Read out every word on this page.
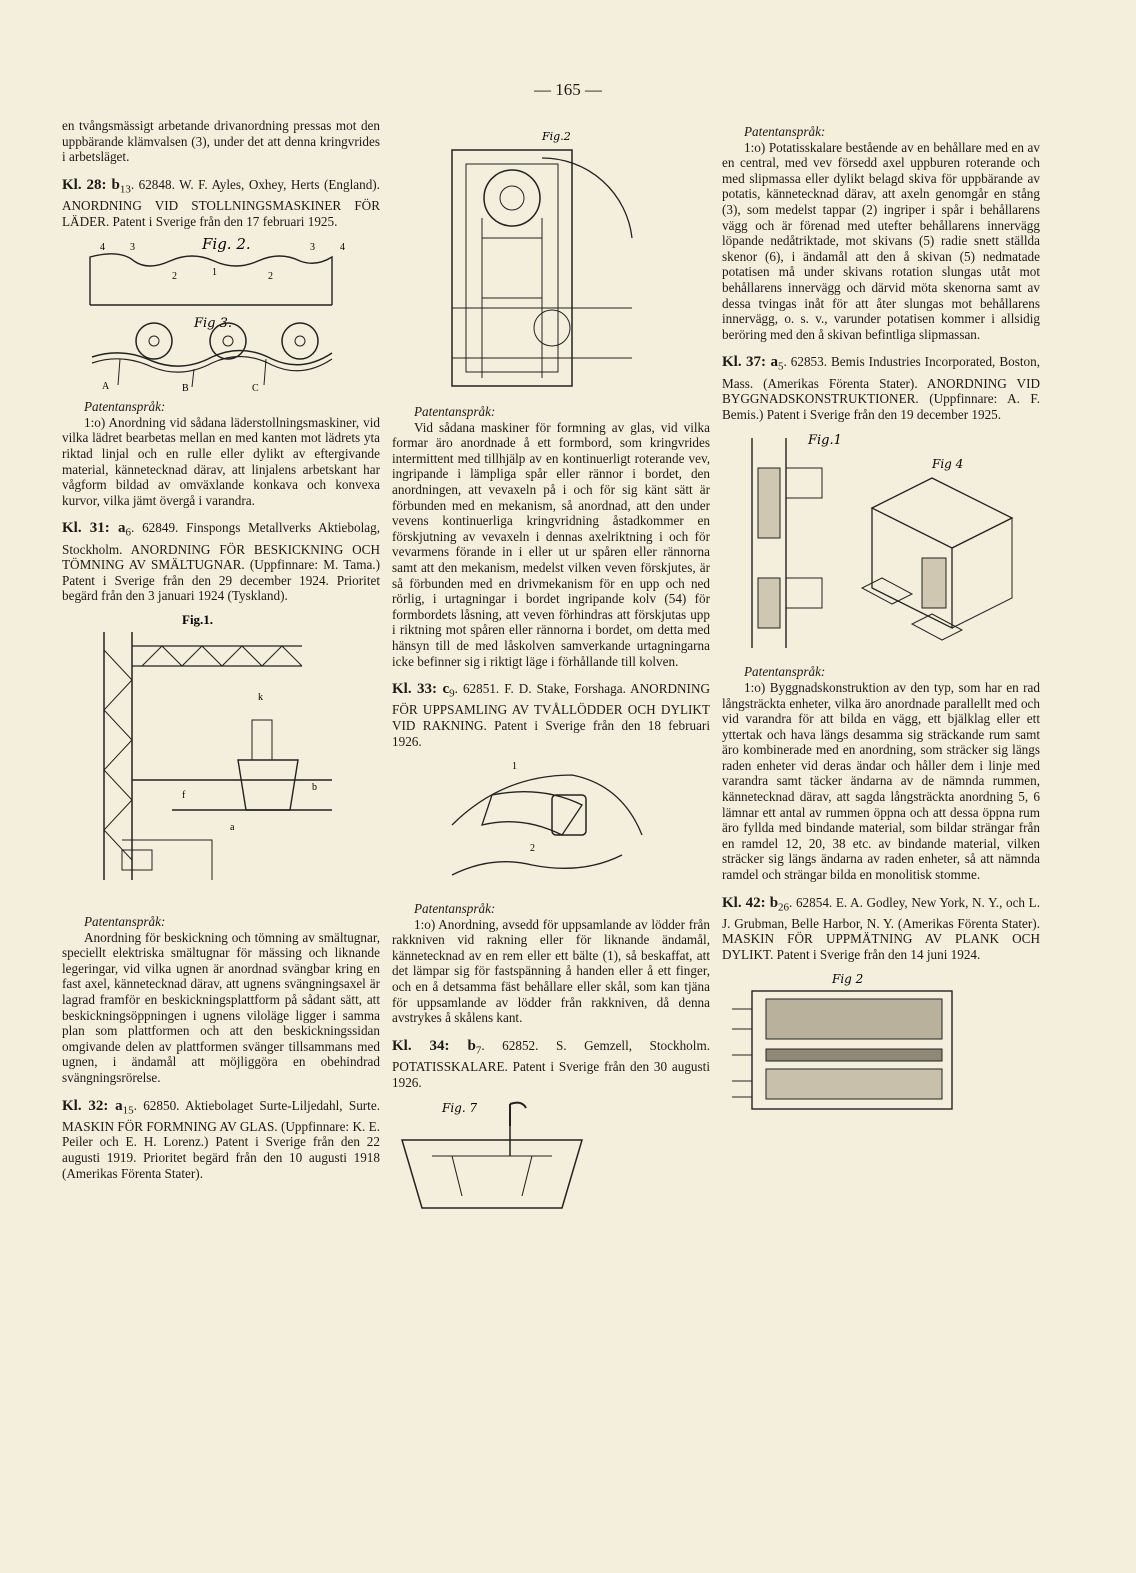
— 165 —

en tvångsmässigt arbetande drivanordning pressas mot den uppbärande klämvalsen (3), under det att denna kringvrides i arbetsläget.

Kl. 28: $b_{13}$. 62848. W. F. Ayles, Oxhey, Herts (England). ANORDNING VID STOLLNINGSMASKINER FÖR LÄDER. Patent i Sverige från den 17 februari 1925.

Fig. 2.
4	3	3	4
2	1	2
Fig.3.
A	B	C

Patentanspråk:

1:o) Anordning vid sådana läderstollningsmaskiner, vid vilka lädret bearbetas mellan en med kanten mot lädrets yta riktad linjal och en rulle eller dylikt av eftergivande material, kännetecknad därav, att linjalens arbetskant har vågform bildad av omväxlande konkava och konvexa kurvor, vilka jämt övergå i varandra.

Kl. 31: $a_6$. 62849. Finspongs Metallverks Aktiebolag, Stockholm. ANORDNING FÖR BESKICKNING OCH TÖMNING AV SMÄLTUGNAR. (Uppfinnare: M. Tama.) Patent i Sverige från den 29 december 1924. Prioritet begärd från den 3 januari 1924 (Tyskland).

Fig.1.
k
b
a
f

Patentanspråk:

Anordning för beskickning och tömning av smältugnar, speciellt elektriska smältugnar för mässing och liknande legeringar, vid vilka ugnen är anordnad svängbar kring en fast axel, kännetecknad därav, att ugnens svängningsaxel är lagrad framför en beskickningsplattform på sådant sätt, att beskickningsöppningen i ugnens viloläge ligger i samma plan som plattformen och att den beskickningssidan omgivande delen av plattformen svänger tillsammans med ugnen, i ändamål att möjliggöra en obehindrad svängningsrörelse.

Kl. 32: $a_{15}$. 62850. Aktiebolaget Surte-Liljedahl, Surte. MASKIN FÖR FORMNING AV GLAS. (Uppfinnare: K. E. Peiler och E. H. Lorenz.) Patent i Sverige från den 22 augusti 1919. Prioritet begärd från den 10 augusti 1918 (Amerikas Förenta Stater).

Fig.2

Patentanspråk:

Vid sådana maskiner för formning av glas, vid vilka formar äro anordnade å ett formbord, som kringvrides intermittent med tillhjälp av en kontinuerligt roterande vev, ingripande i lämpliga spår eller rännor i bordet, den anordningen, att vevaxeln på i och för sig känt sätt är förbunden med en mekanism, så anordnad, att den under vevens kontinuerliga kringvridning åstadkommer en förskjutning av vevaxeln i dennas axelriktning i och för vevarmens förande in i eller ut ur spåren eller rännorna samt att den mekanism, medelst vilken veven förskjutes, är så förbunden med en drivmekanism för en upp och ned rörlig, i urtagningar i bordet ingripande kolv (54) för formbordets låsning, att veven förhindras att förskjutas upp i riktning mot spåren eller rännorna i bordet, om detta med hänsyn till de med låskolven samverkande urtagningarna icke befinner sig i riktigt läge i förhållande till kolven.

Kl. 33: $c_9$. 62851. F. D. Stake, Forshaga. ANORDNING FÖR UPPSAMLING AV TVÅLLÖDDER OCH DYLIKT VID RAKNING. Patent i Sverige från den 18 februari 1926.

1
2

Patentanspråk:

1:o) Anordning, avsedd för uppsamlande av lödder från rakkniven vid rakning eller för liknande ändamål, kännetecknad av en rem eller ett bälte (1), så beskaffat, att det lämpar sig för fastspänning å handen eller å ett finger, och en å detsamma fäst behållare eller skål, som kan tjäna för uppsamlande av lödder från rakkniven, då denna avstrykes å skålens kant.

Kl. 34: $b_7$. 62852. S. Gemzell, Stockholm. POTATISSKALARE. Patent i Sverige från den 30 augusti 1926.

Fig. 7

Patentanspråk:

1:o) Potatisskalare bestående av en behållare med en av en central, med vev försedd axel uppburen roterande och med slipmassa eller dylikt belagd skiva för uppbärande av potatis, kännetecknad därav, att axeln genomgår en stång (3), som medelst tappar (2) ingriper i spår i behållarens vägg och är förenad med utefter behållarens innervägg löpande nedåtriktade, mot skivans (5) radie snett ställda skenor (6), i ändamål att den å skivan (5) nedmatade potatisen må under skivans rotation slungas utåt mot behållarens innervägg och därvid möta skenorna samt av dessa tvingas inåt för att åter slungas mot behållarens innervägg, o. s. v., varunder potatisen kommer i allsidig beröring med den å skivan befintliga slipmassan.

Kl. 37: $a_5$. 62853. Bemis Industries Incorporated, Boston, Mass. (Amerikas Förenta Stater). ANORDNING VID BYGGNADSKONSTRUKTIONER. (Uppfinnare: A. F. Bemis.) Patent i Sverige från den 19 december 1925.

Fig.1
Fig 4

Patentanspråk:

1:o) Byggnadskonstruktion av den typ, som har en rad långsträckta enheter, vilka äro anordnade parallellt med och vid varandra för att bilda en vägg, ett bjälklag eller ett yttertak och hava längs desamma sig sträckande rum samt äro kombinerade med en anordning, som sträcker sig längs raden enheter vid deras ändar och håller dem i linje med varandra samt täcker ändarna av de nämnda rummen, kännetecknad därav, att sagda långsträckta anordning 5, 6 lämnar ett antal av rummen öppna och att dessa öppna rum äro fyllda med bindande material, som bildar strängar från en ramdel 12, 20, 38 etc. av bindande material, vilken sträcker sig längs ändarna av raden enheter, så att nämnda ramdel och strängar bilda en monolitisk stomme.

Kl. 42: $b_{26}$. 62854. E. A. Godley, New York, N. Y., och L. J. Grubman, Belle Harbor, N. Y. (Amerikas Förenta Stater). MASKIN FÖR UPPMÄTNING AV PLANK OCH DYLIKT. Patent i Sverige från den 14 juni 1924.

Fig 2
